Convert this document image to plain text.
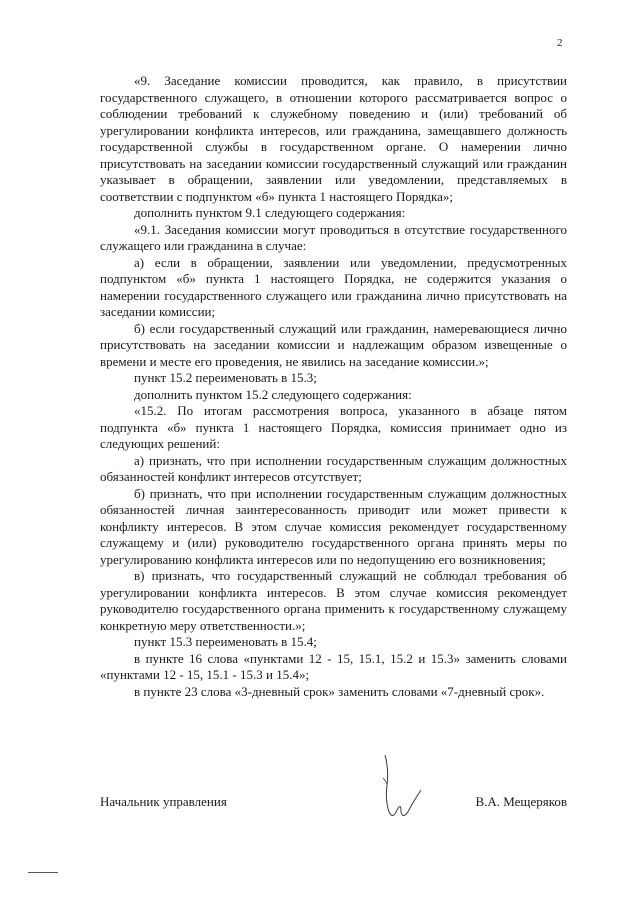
2

«9. Заседание комиссии проводится, как правило, в присутствии государственного служащего, в отношении которого рассматривается вопрос о соблюдении требований к служебному поведению и (или) требований об урегулировании конфликта интересов, или гражданина, замещавшего должность государственной службы в государственном органе. О намерении лично присутствовать на заседании комиссии государственный служащий или гражданин указывает в обращении, заявлении или уведомлении, представляемых в соответствии с подпунктом «б» пункта 1 настоящего Порядка»;

дополнить пунктом 9.1 следующего содержания:

«9.1. Заседания комиссии могут проводиться в отсутствие государственного служащего или гражданина в случае:

а) если в обращении, заявлении или уведомлении, предусмотренных подпунктом «б» пункта 1 настоящего Порядка, не содержится указания о намерении государственного служащего или гражданина лично присутствовать на заседании комиссии;

б) если государственный служащий или гражданин, намеревающиеся лично присутствовать на заседании комиссии и надлежащим образом извещенные о времени и месте его проведения, не явились на заседание комиссии.»;

пункт 15.2 переименовать в 15.3;

дополнить пунктом 15.2 следующего содержания:

«15.2. По итогам рассмотрения вопроса, указанного в абзаце пятом подпункта «б» пункта 1 настоящего Порядка, комиссия принимает одно из следующих решений:

а) признать, что при исполнении государственным служащим должностных обязанностей конфликт интересов отсутствует;

б) признать, что при исполнении государственным служащим должностных обязанностей личная заинтересованность приводит или может привести к конфликту интересов. В этом случае комиссия рекомендует государственному служащему и (или) руководителю государственного органа принять меры по урегулированию конфликта интересов или по недопущению его возникновения;

в) признать, что государственный служащий не соблюдал требования об урегулировании конфликта интересов. В этом случае комиссия рекомендует руководителю государственного органа применить к государственному служащему конкретную меру ответственности.»;

пункт 15.3 переименовать в 15.4;

в пункте 16 слова «пунктами 12 - 15, 15.1, 15.2 и 15.3» заменить словами «пунктами 12 - 15, 15.1 - 15.3 и 15.4»;

в пункте 23 слова «3-дневный срок» заменить словами «7-дневный срок».

Начальник управления	В.А. Мещеряков
